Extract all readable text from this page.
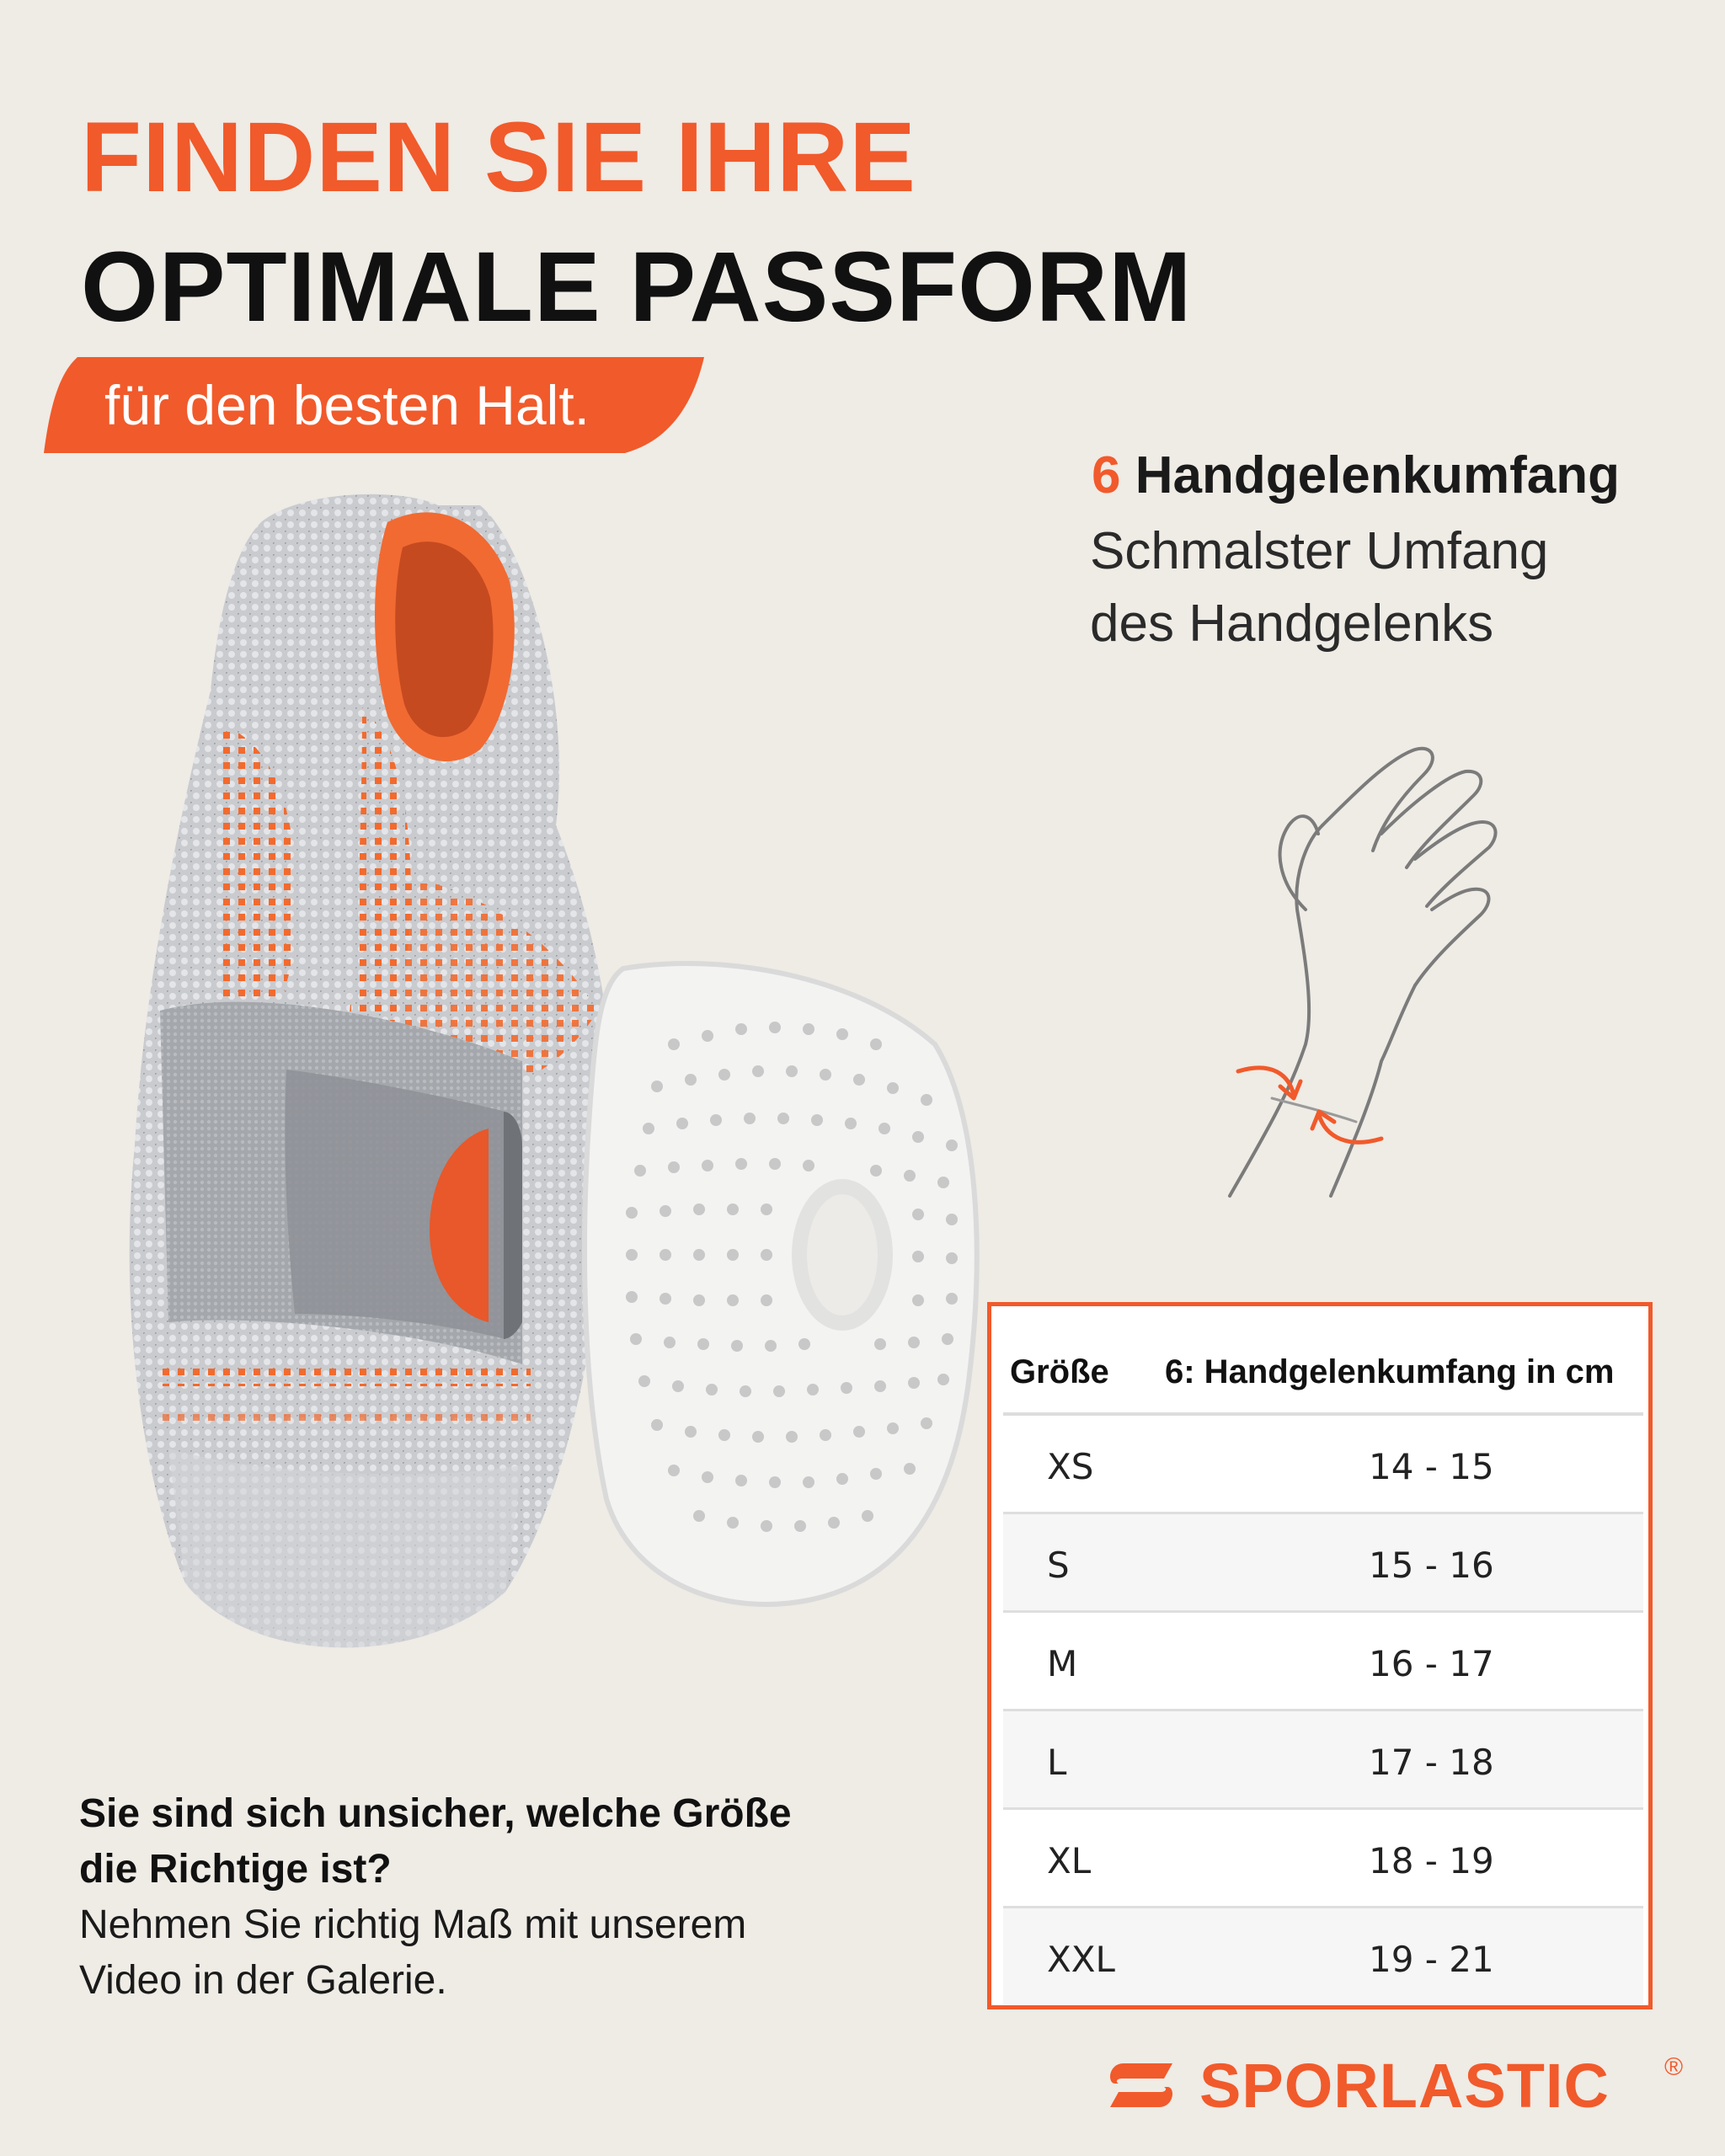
FINDEN SIE IHRE
OPTIMALE PASSFORM
für den besten Halt.
6 Handgelenkumfang
Schmalster Umfang
des Handgelenks
Größe 6: Handgelenkumfang in cm
XS	14 - 15
S	15 - 16
M	16 - 17
L	17 - 18
XL	18 - 19
XXL	19 - 21
Sie sind sich unsicher, welche Größe
die Richtige ist?
Nehmen Sie richtig Maß mit unserem
Video in der Galerie.
SPORLASTIC ®
